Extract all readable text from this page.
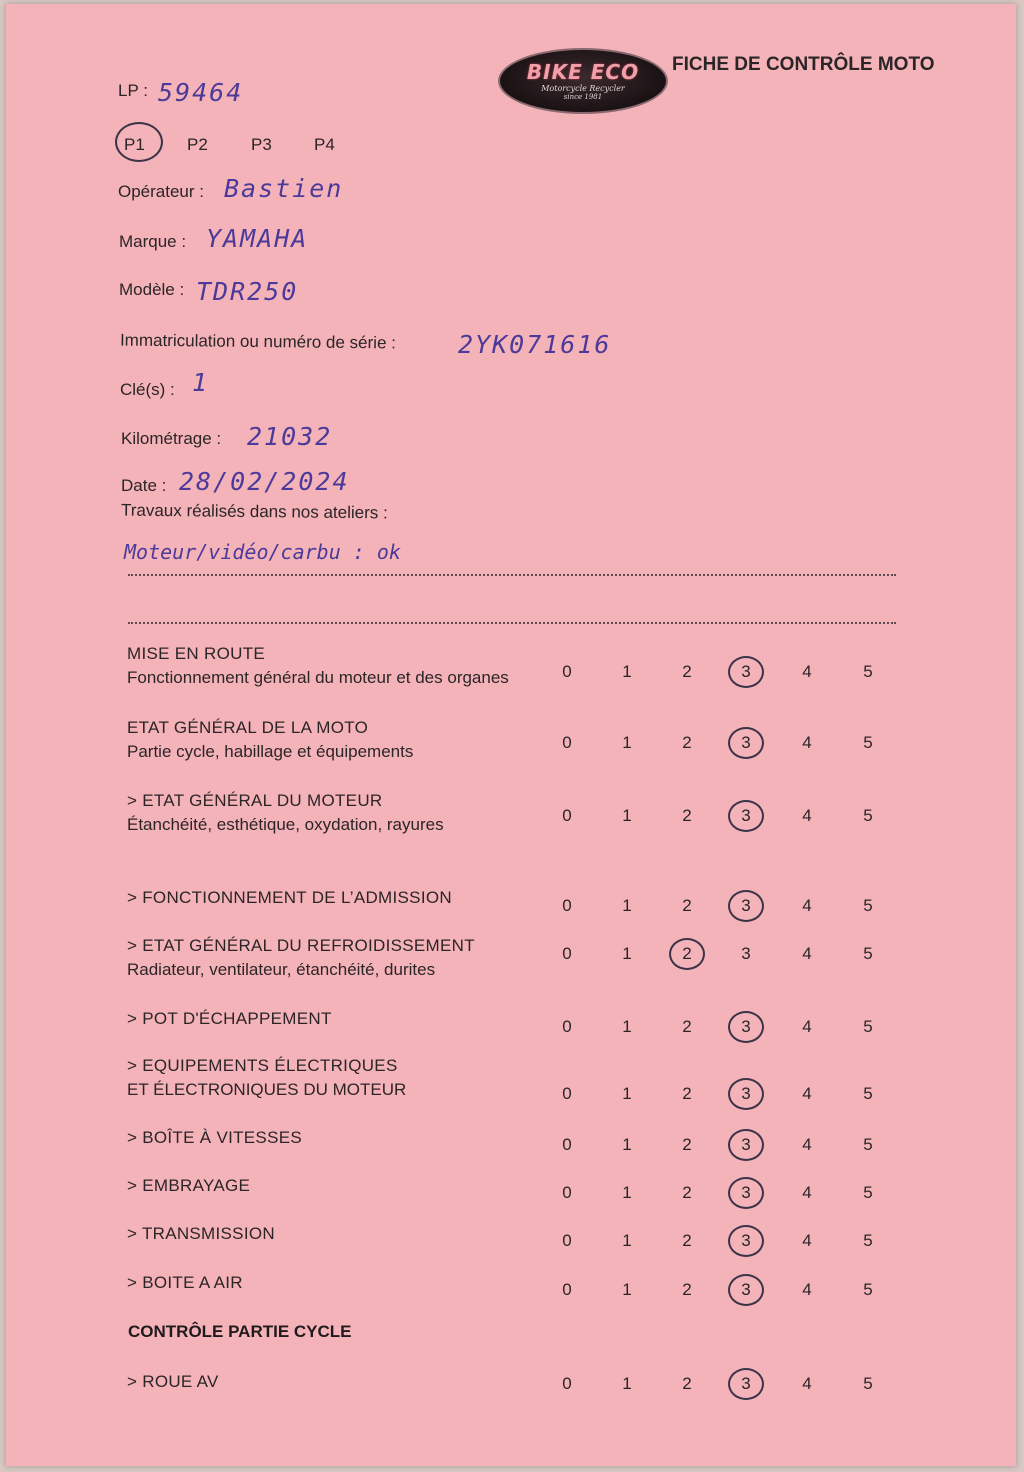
BIKE ECO
Motorcycle Recycler
since 1981
FICHE DE CONTRÔLE MOTO
LP : 59464
P1 P2	P3 P4
Opérateur : Bastien
Marque : YAMAHA
Modèle : TDR250
Immatriculation ou numéro de série : 2YK071616
Clé(s) : 1
Kilométrage : 21032
Date : 28/02/2024
Travaux réalisés dans nos ateliers :
Moteur/vidéo/carbu : ok
MISE EN ROUTE
Fonctionnement général du moteur et des organes	0	1	2	3	4	5
ETAT GÉNÉRAL DE LA MOTO
Partie cycle, habillage et équipements	0	1	2	3	4	5
> ETAT GÉNÉRAL DU MOTEUR
Étanchéité, esthétique, oxydation, rayures	0	1	2	3	4	5
> FONCTIONNEMENT DE L’ADMISSION	0	1	2	3	4	5
> ETAT GÉNÉRAL DU REFROIDISSEMENT
Radiateur, ventilateur, étanchéité, durites
0	1	2	3	4	5
> POT D'ÉCHAPPEMENT	0	1	2	3	4	5
> EQUIPEMENTS ÉLECTRIQUES
ET ÉLECTRONIQUES DU MOTEUR	0	1	2	3	4	5
> BOÎTE À VITESSES	0	1	2	3	4	5
> EMBRAYAGE	0	1	2	3	4	5
> TRANSMISSION	0	1	2	3	4	5
> BOITE A AIR	0	1	2	3	4	5
CONTRÔLE PARTIE CYCLE
> ROUE AV	0	1	2	3	4	5
